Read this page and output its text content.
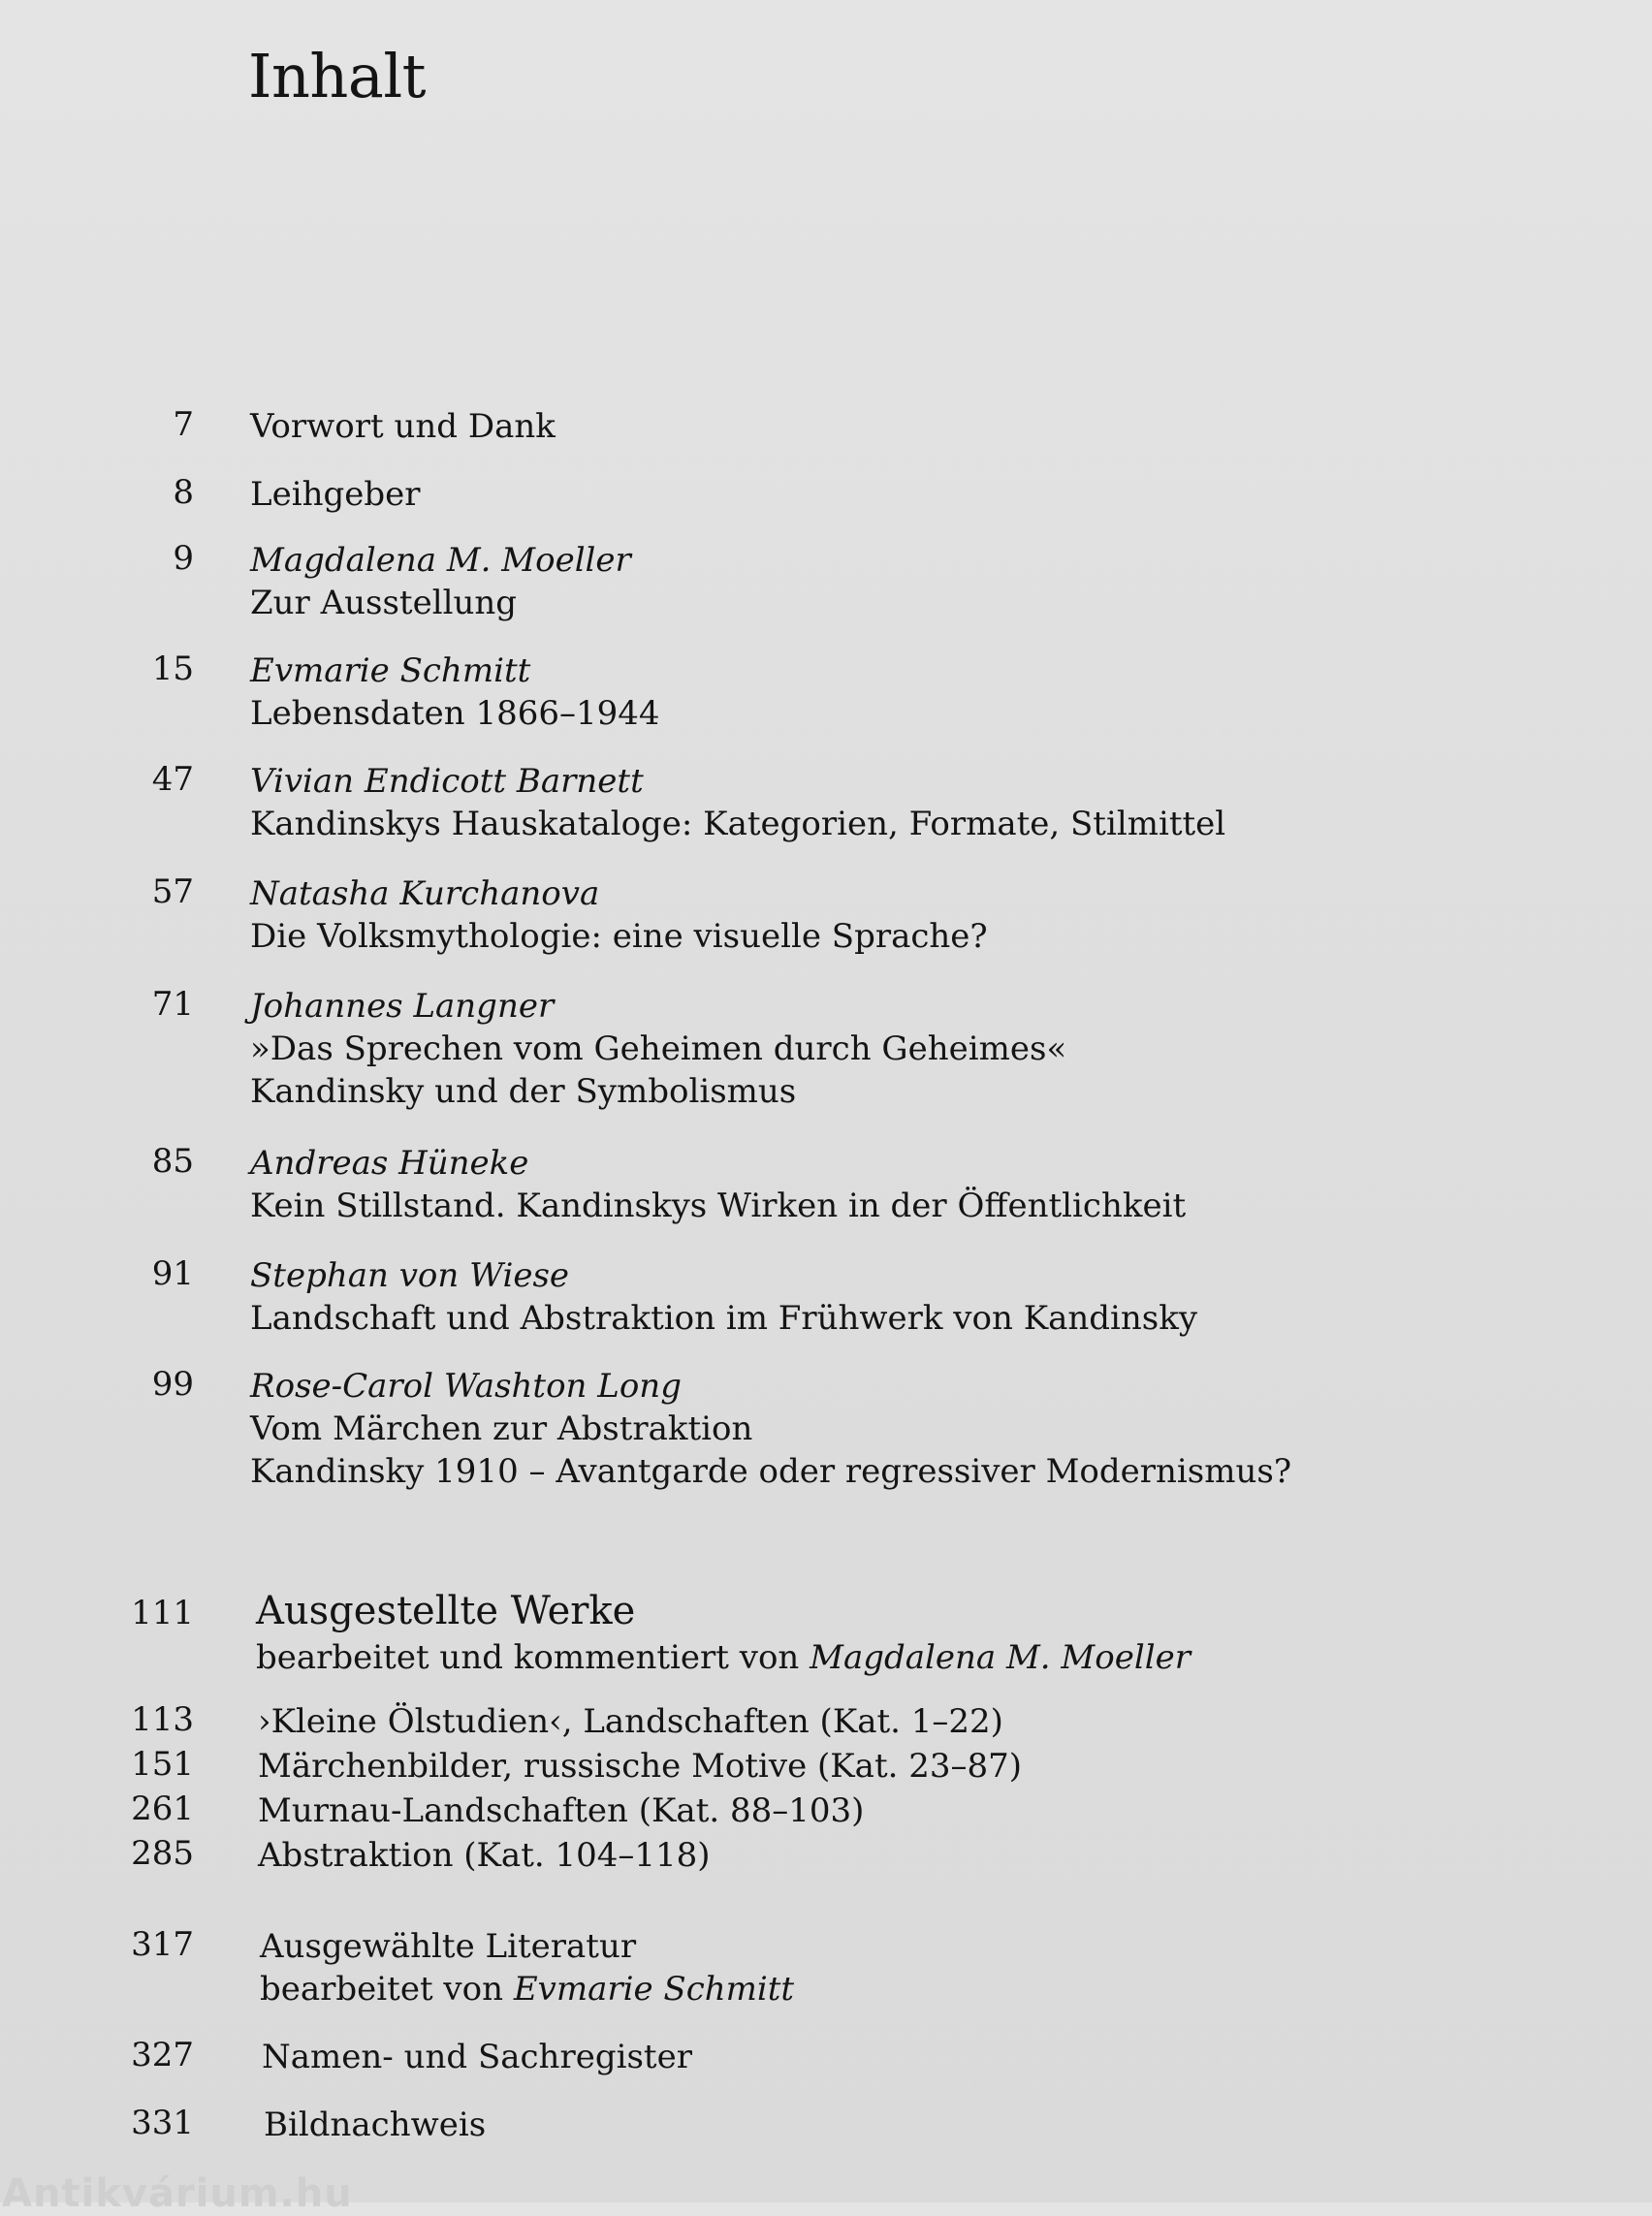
Inhalt
7 Vorwort und Dank
8 Leihgeber
9 Magdalena M. Moeller
Zur Ausstellung
15 Evmarie Schmitt
Lebensdaten 1866–1944
47 Vivian Endicott Barnett
Kandinskys Hauskataloge: Kategorien, Formate, Stilmittel
57 Natasha Kurchanova
Die Volksmythologie: eine visuelle Sprache?
71 Johannes Langner
»Das Sprechen vom Geheimen durch Geheimes«
Kandinsky und der Symbolismus
85 Andreas Hüneke
Kein Stillstand. Kandinskys Wirken in der Öffentlichkeit
91 Stephan von Wiese
Landschaft und Abstraktion im Frühwerk von Kandinsky
99 Rose-Carol Washton Long
Vom Märchen zur Abstraktion
Kandinsky 1910 – Avantgarde oder regressiver Modernismus?
111 Ausgestellte Werke
bearbeitet und kommentiert von Magdalena M. Moeller
113 ›Kleine Ölstudien‹, Landschaften (Kat. 1–22)
151 Märchenbilder, russische Motive (Kat. 23–87)
261 Murnau-Landschaften (Kat. 88–103)
285 Abstraktion (Kat. 104–118)
317 Ausgewählte Literatur
bearbeitet von Evmarie Schmitt
327 Namen- und Sachregister
331 Bildnachweis
Antikvárium.hu
